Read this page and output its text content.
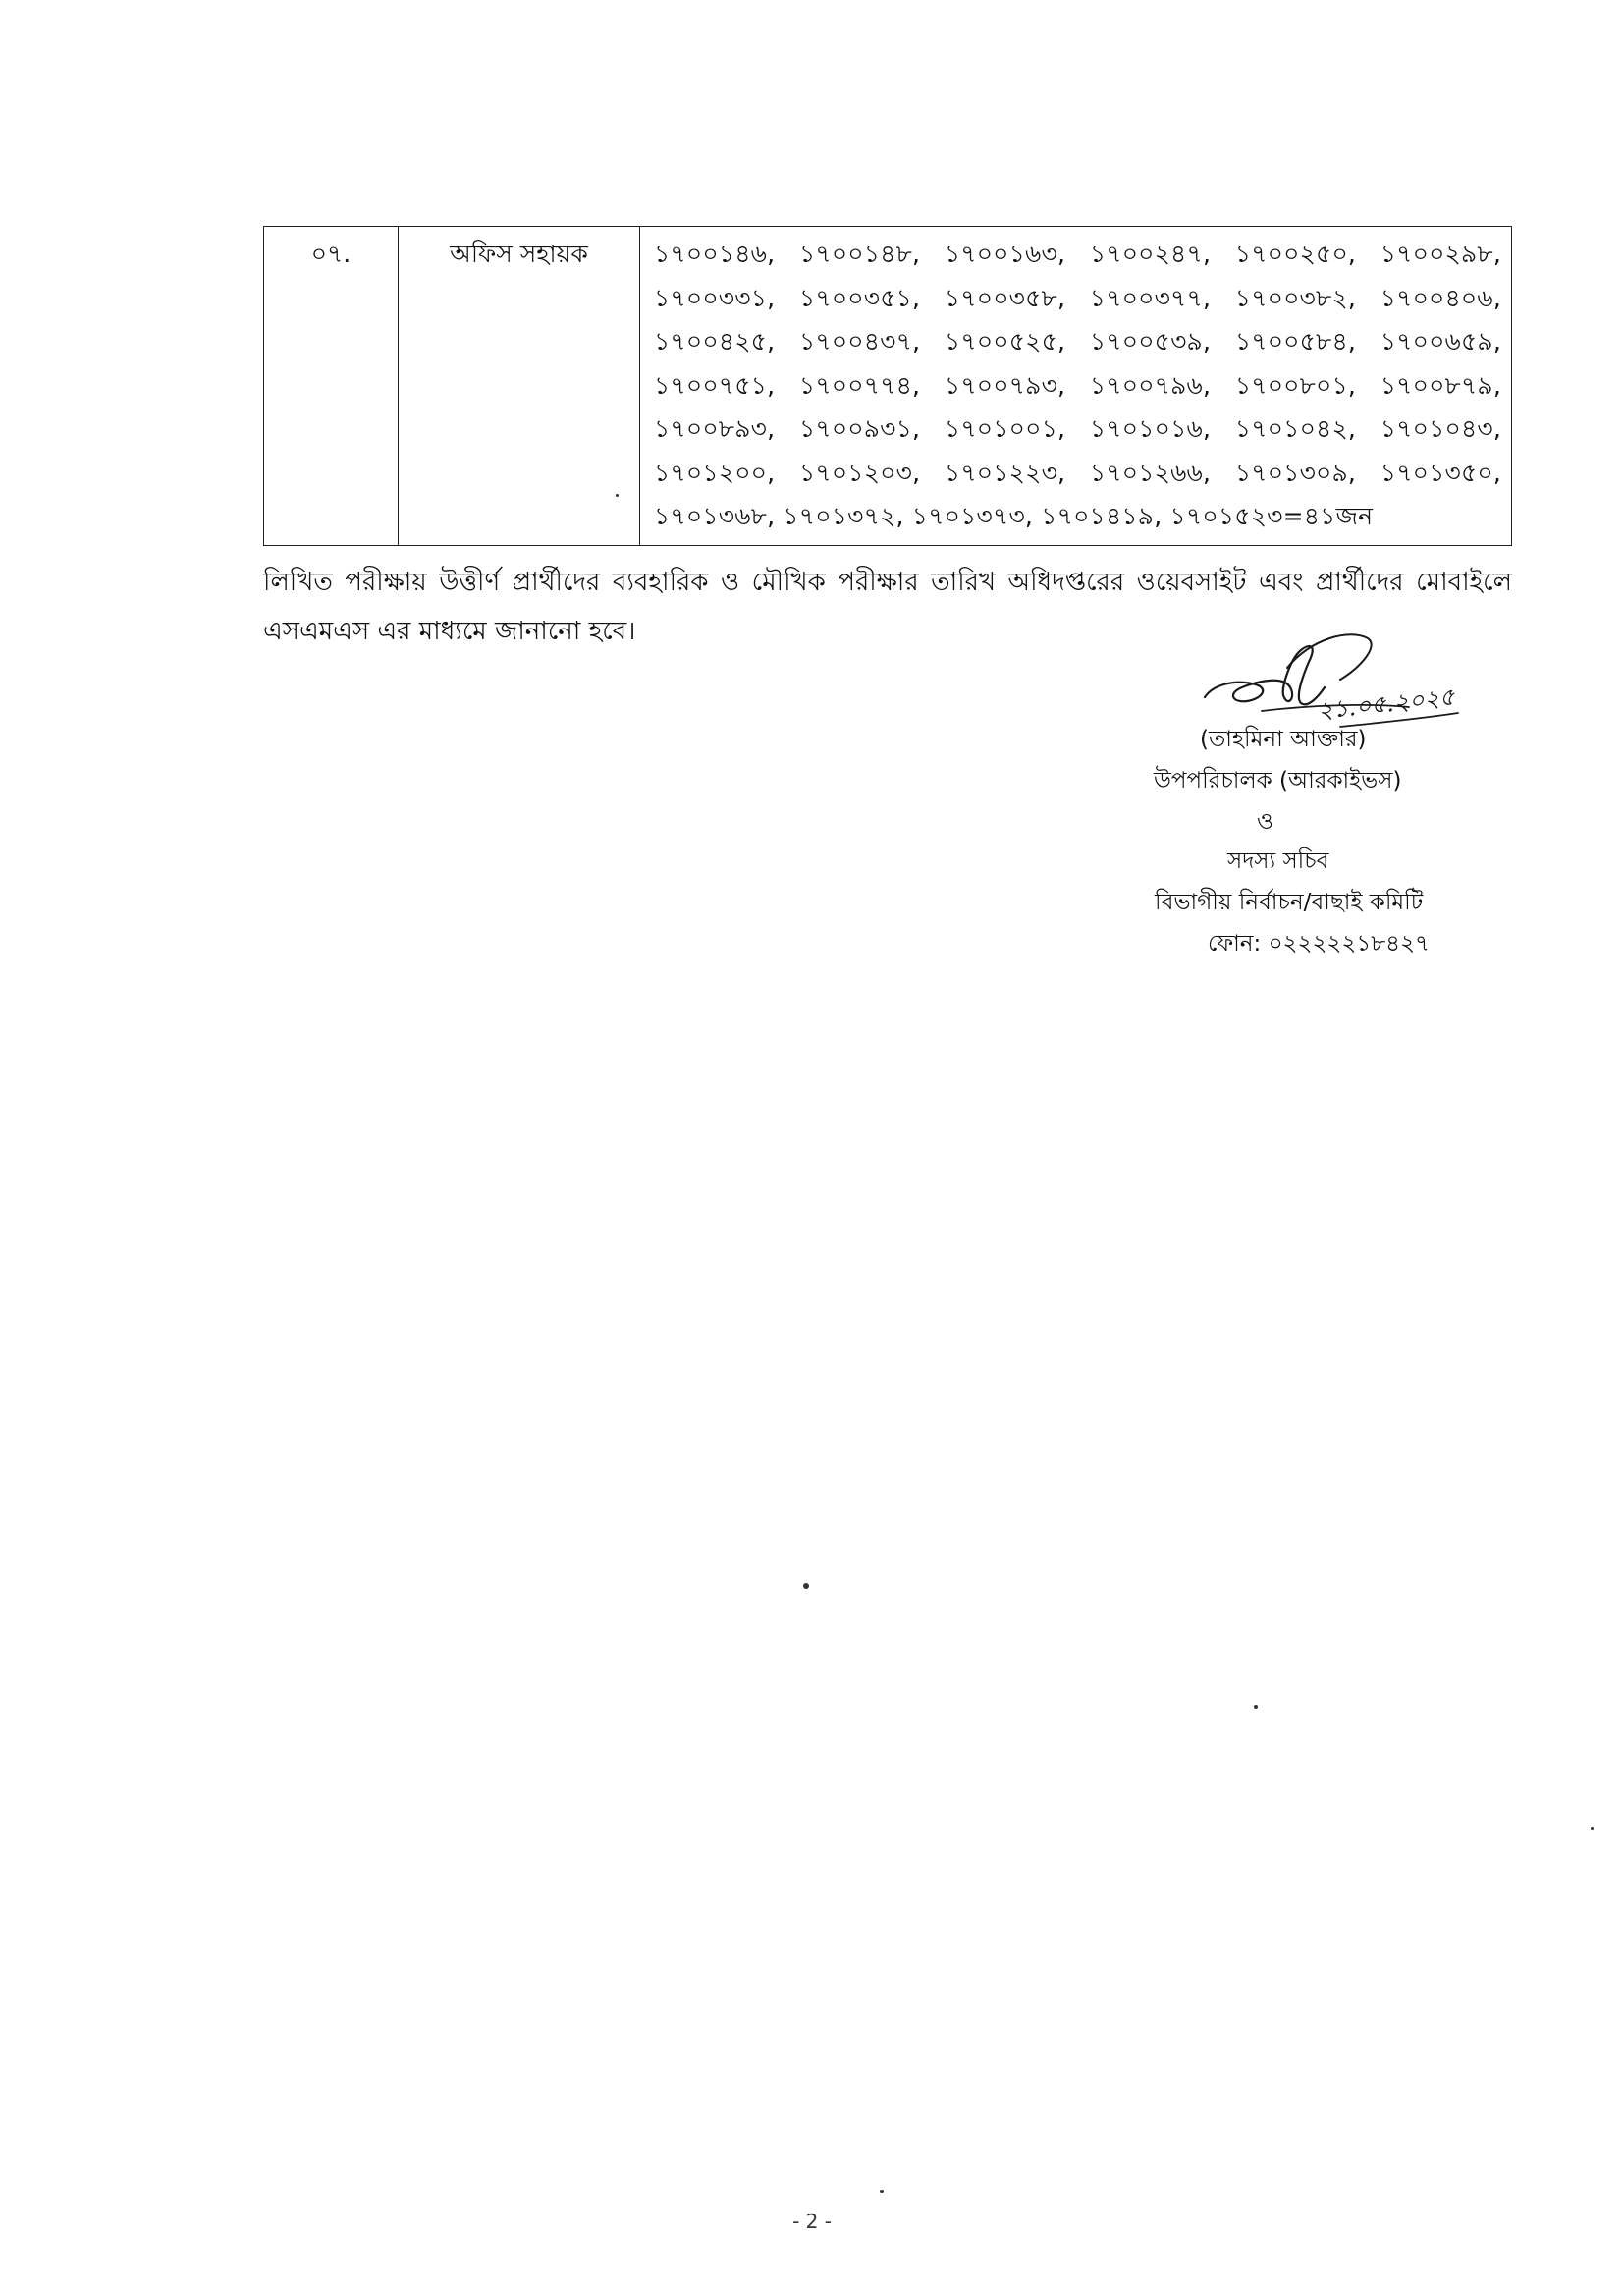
০৭.	অফিস সহায়ক	১৭০০১৪৬, ১৭০০১৪৮, ১৭০০১৬৩, ১৭০০২৪৭, ১৭০০২৫০, ১৭০০২৯৮, ১৭০০৩৩১, ১৭০০৩৫১, ১৭০০৩৫৮, ১৭০০৩৭৭, ১৭০০৩৮২, ১৭০০৪০৬, ১৭০০৪২৫, ১৭০০৪৩৭, ১৭০০৫২৫, ১৭০০৫৩৯, ১৭০০৫৮৪, ১৭০০৬৫৯, ১৭০০৭৫১, ১৭০০৭৭৪, ১৭০০৭৯৩, ১৭০০৭৯৬, ১৭০০৮০১, ১৭০০৮৭৯, ১৭০০৮৯৩, ১৭০০৯৩১, ১৭০১০০১, ১৭০১০১৬, ১৭০১০৪২, ১৭০১০৪৩, ১৭০১২০০, ১৭০১২০৩, ১৭০১২২৩, ১৭০১২৬৬, ১৭০১৩০৯, ১৭০১৩৫০, ১৭০১৩৬৮, ১৭০১৩৭২, ১৭০১৩৭৩, ১৭০১৪১৯, ১৭০১৫২৩=৪১জন
লিখিত পরীক্ষায় উত্তীর্ণ প্রার্থীদের ব্যবহারিক ও মৌখিক পরীক্ষার তারিখ অধিদপ্তরের ওয়েবসাইট এবং প্রার্থীদের মোবাইলে এসএমএস এর মাধ্যমে জানানো হবে।
২১.০৫.২০২৫
(তাহমিনা আক্তার)
উপপরিচালক (আরকাইভস)
ও
সদস্য সচিব
বিভাগীয় নির্বাচন/বাছাই কমিটি
ফোন: ০২২২২২১৮৪২৭
- 2 -
